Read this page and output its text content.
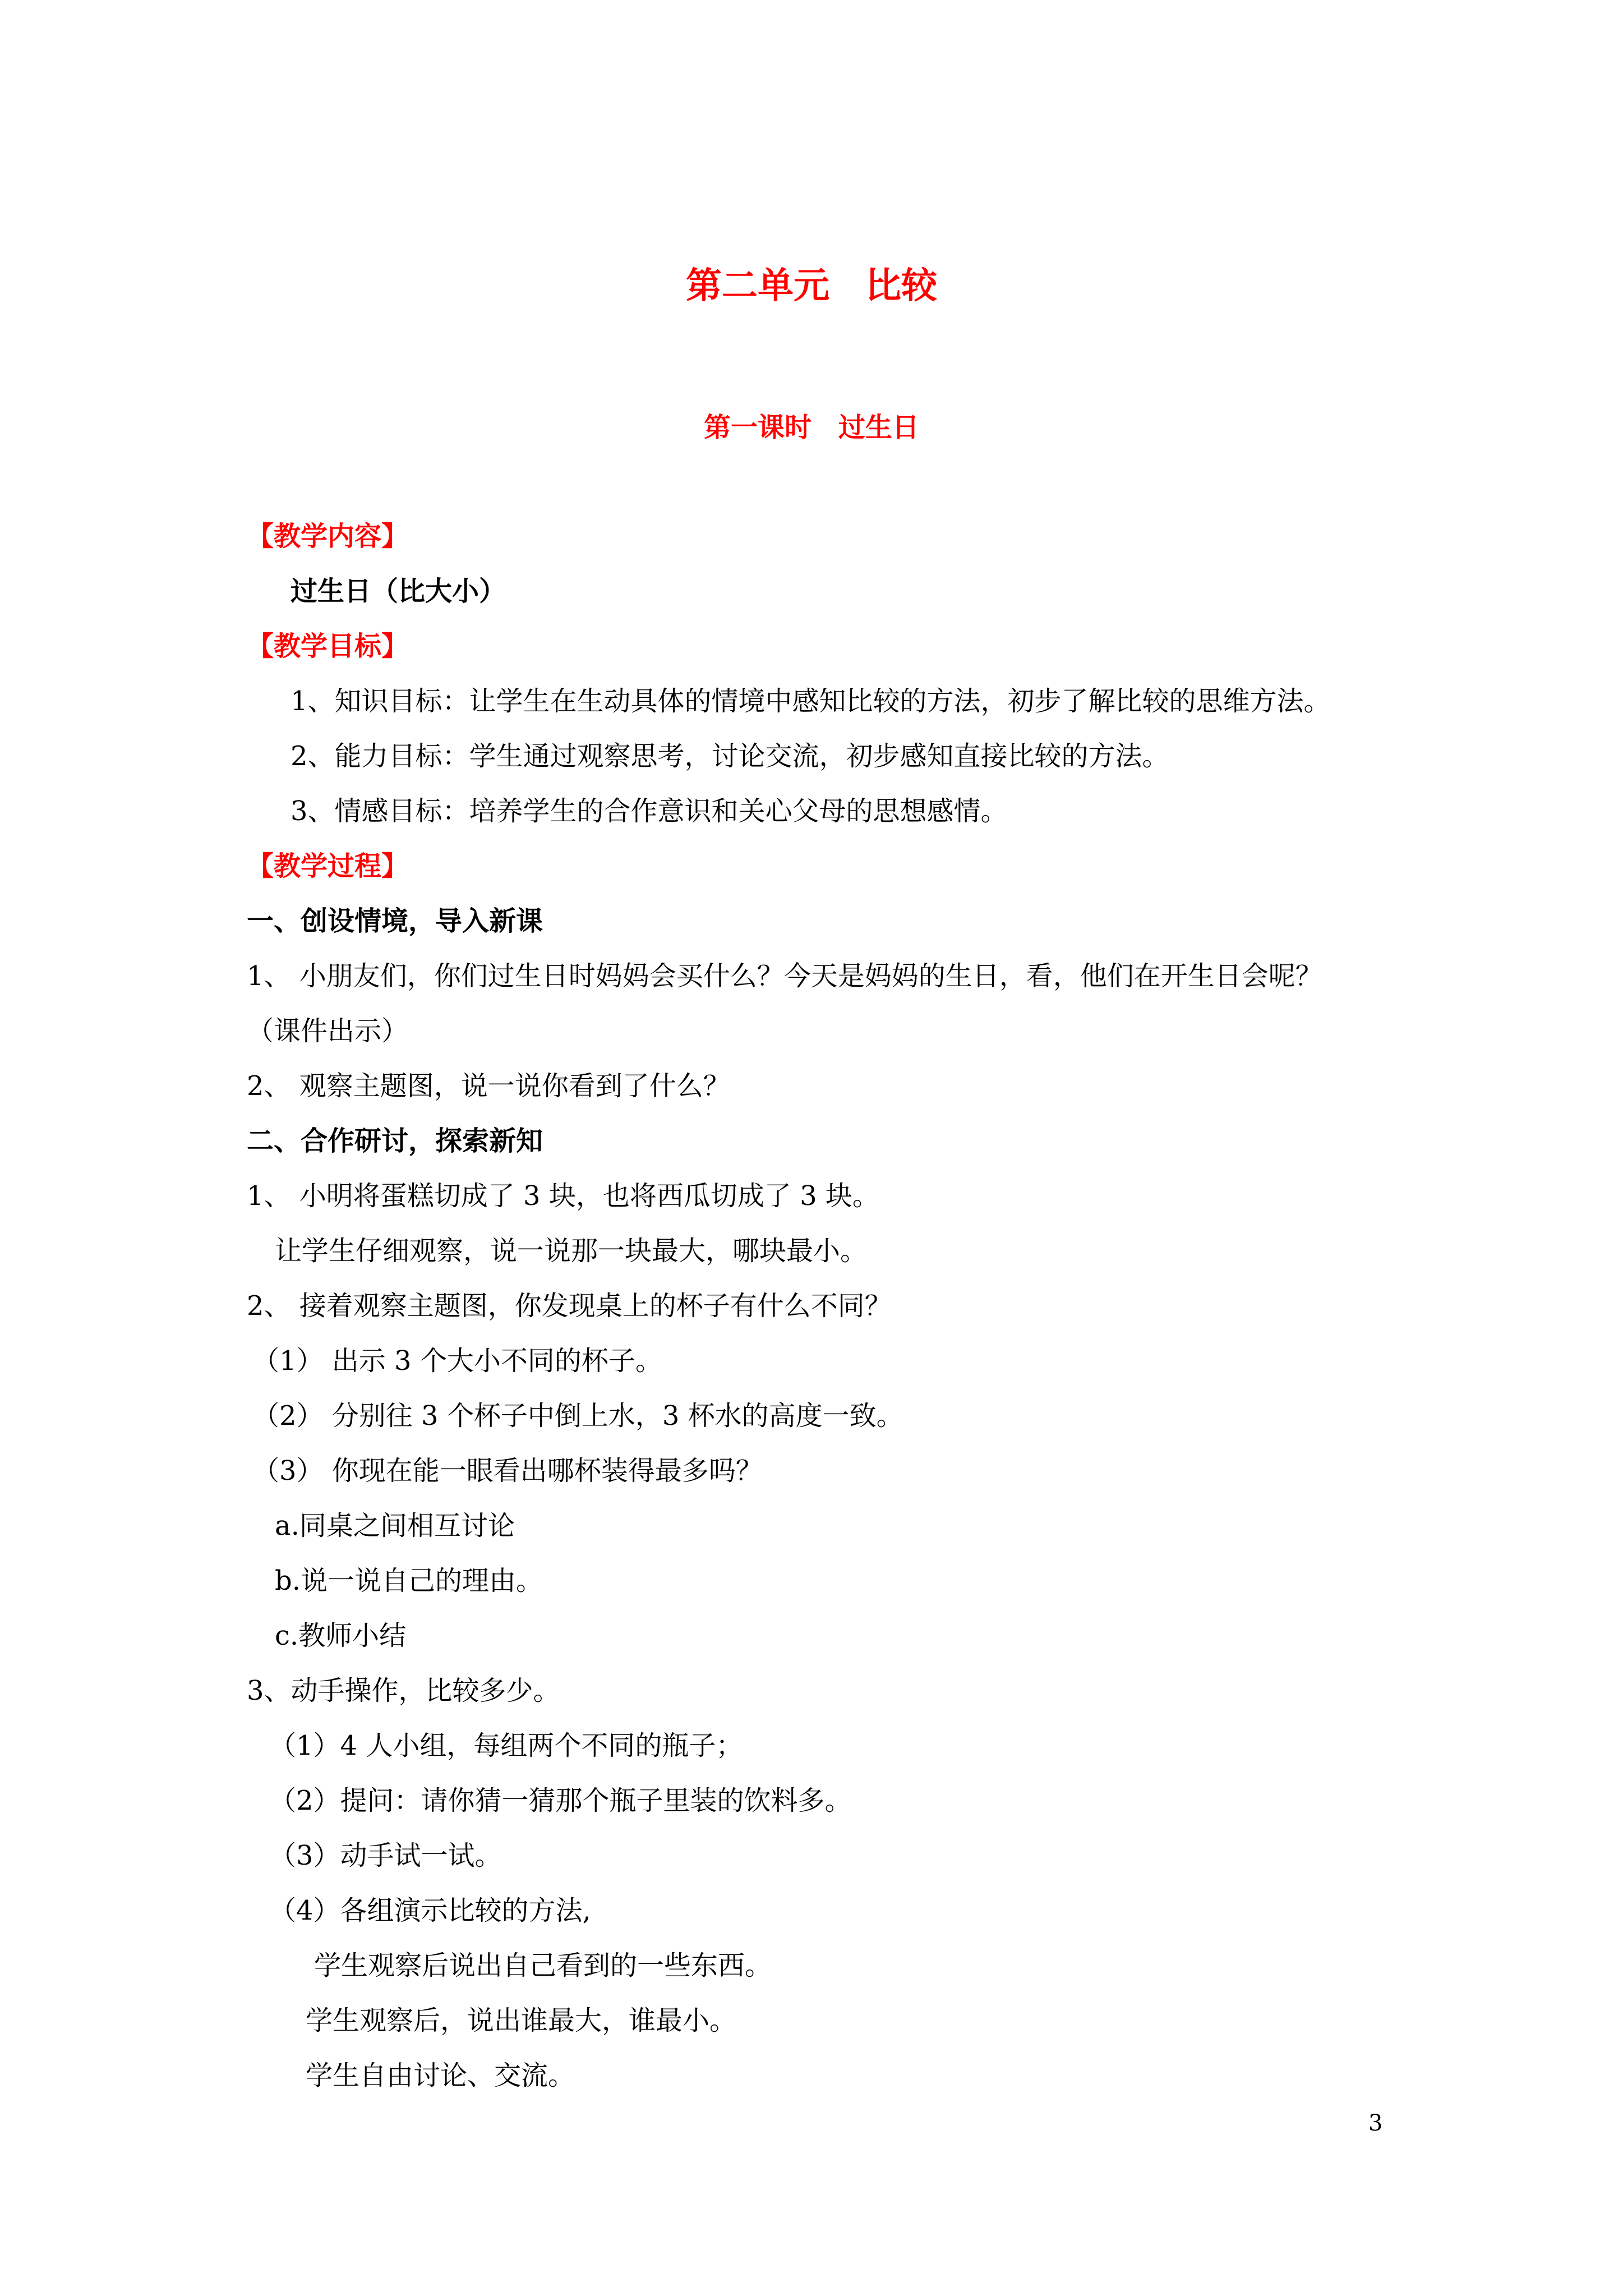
第二单元　比较
第一课时　过生日
【教学内容】
过生日（比大小）
【教学目标】
1、知识目标：让学生在生动具体的情境中感知比较的方法，初步了解比较的思维方法。
2、能力目标：学生通过观察思考，讨论交流，初步感知直接比较的方法。
3、情感目标：培养学生的合作意识和关心父母的思想感情。
【教学过程】
一、创设情境，导入新课
1、 小朋友们，你们过生日时妈妈会买什么？今天是妈妈的生日，看，他们在开生日会呢？
（课件出示）
2、 观察主题图，说一说你看到了什么？
二、合作研讨，探索新知
1、 小明将蛋糕切成了 3 块，也将西瓜切成了 3 块。
让学生仔细观察，说一说那一块最大，哪块最小。
2、 接着观察主题图，你发现桌上的杯子有什么不同？
（1） 出示 3 个大小不同的杯子。
（2） 分别往 3 个杯子中倒上水，3 杯水的高度一致。
（3） 你现在能一眼看出哪杯装得最多吗？
a.同桌之间相互讨论
b.说一说自己的理由。
c.教师小结
3、动手操作，比较多少。
（1）4 人小组，每组两个不同的瓶子；
（2）提问：请你猜一猜那个瓶子里装的饮料多。
（3）动手试一试。
（4）各组演示比较的方法,
学生观察后说出自己看到的一些东西。
学生观察后，说出谁最大，谁最小。
学生自由讨论、交流。
3
